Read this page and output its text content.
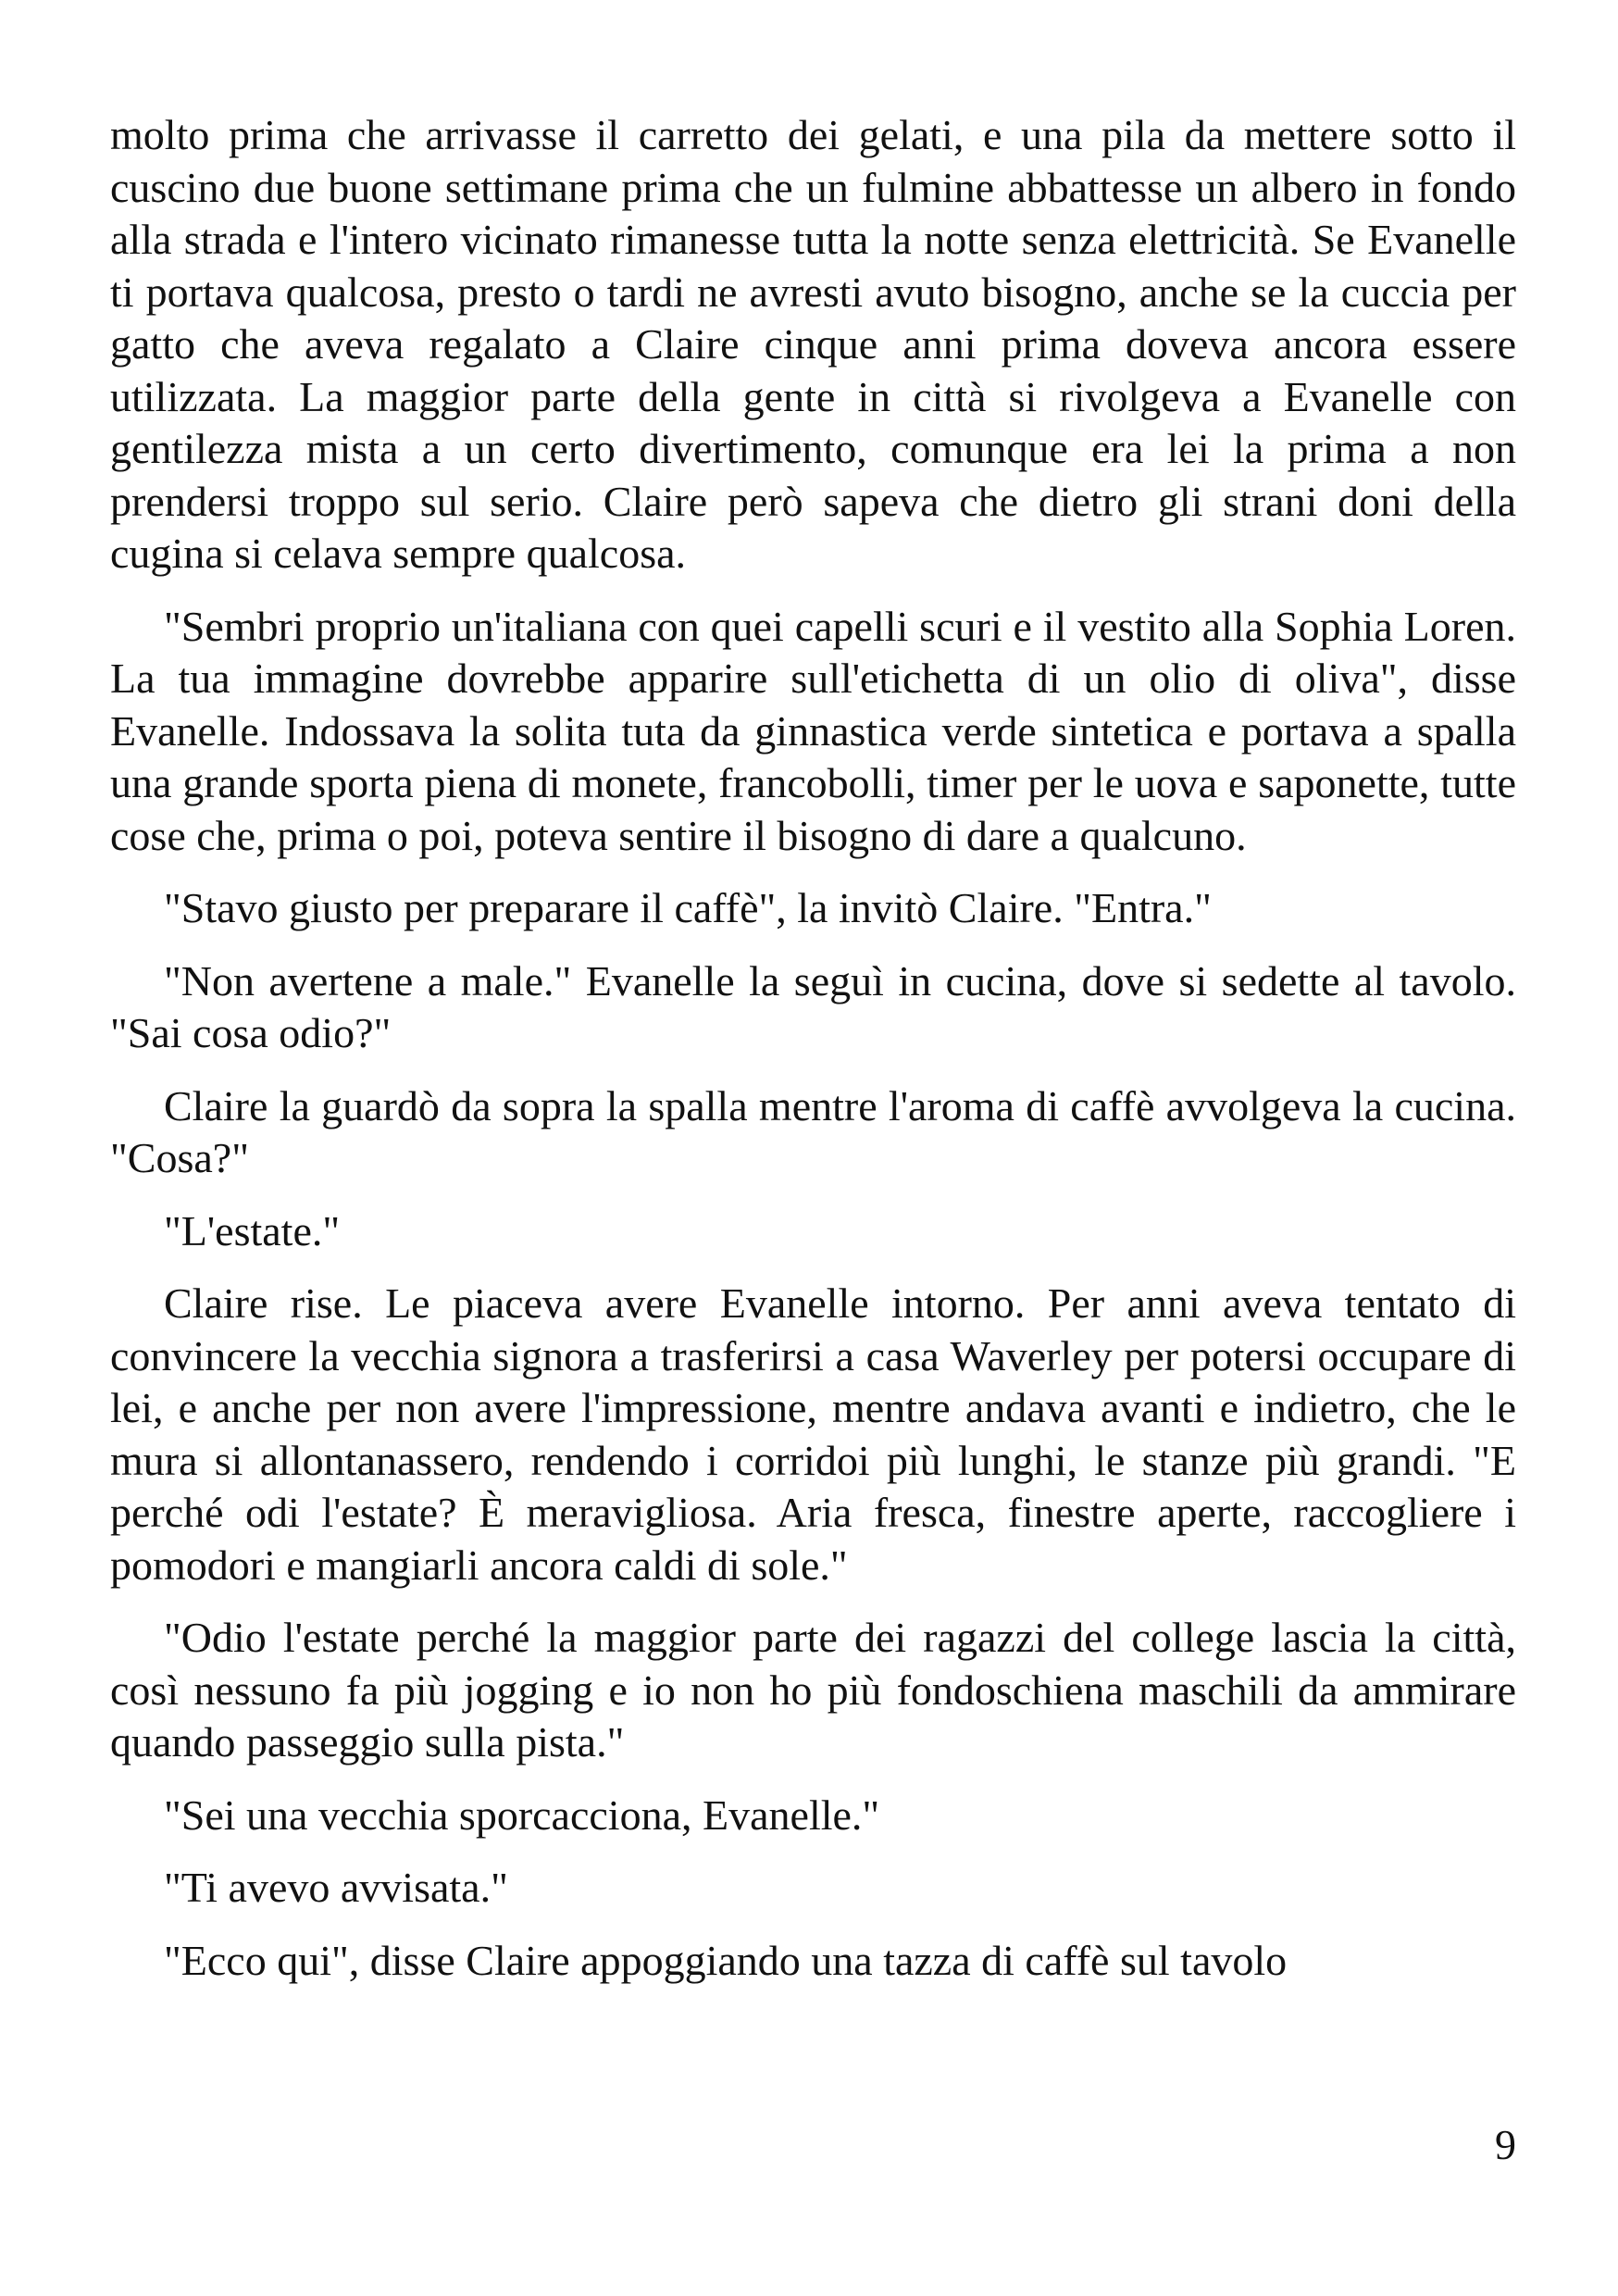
molto prima che arrivasse il carretto dei gelati, e una pila da mettere sotto il cuscino due buone settimane prima che un fulmine abbattesse un albero in fondo alla strada e l'intero vicinato rimanesse tutta la notte senza elettricità. Se Evanelle ti portava qualcosa, presto o tardi ne avresti avuto bisogno, anche se la cuccia per gatto che aveva regalato a Claire cinque anni prima doveva ancora essere utilizzata. La maggior parte della gente in città si rivolgeva a Evanelle con gentilezza mista a un certo divertimento, comunque era lei la prima a non prendersi troppo sul serio. Claire però sapeva che dietro gli strani doni della cugina si celava sempre qualcosa.

"Sembri proprio un'italiana con quei capelli scuri e il vestito alla Sophia Loren. La tua immagine dovrebbe apparire sull'etichetta di un olio di oliva", disse Evanelle. Indossava la solita tuta da ginnastica verde sintetica e portava a spalla una grande sporta piena di monete, francobolli, timer per le uova e saponette, tutte cose che, prima o poi, poteva sentire il bisogno di dare a qualcuno.

"Stavo giusto per preparare il caffè", la invitò Claire. "Entra."

"Non avertene a male." Evanelle la seguì in cucina, dove si sedette al tavolo. "Sai cosa odio?"

Claire la guardò da sopra la spalla mentre l'aroma di caffè avvolgeva la cucina. "Cosa?"

"L'estate."

Claire rise. Le piaceva avere Evanelle intorno. Per anni aveva tentato di convincere la vecchia signora a trasferirsi a casa Waverley per potersi occupare di lei, e anche per non avere l'impressione, mentre andava avanti e indietro, che le mura si allontanassero, rendendo i corridoi più lunghi, le stanze più grandi. "E perché odi l'estate? È meravigliosa. Aria fresca, finestre aperte, raccogliere i pomodori e mangiarli ancora caldi di sole."

"Odio l'estate perché la maggior parte dei ragazzi del college lascia la città, così nessuno fa più jogging e io non ho più fondoschiena maschili da ammirare quando passeggio sulla pista."

"Sei una vecchia sporcacciona, Evanelle."

"Ti avevo avvisata."

"Ecco qui", disse Claire appoggiando una tazza di caffè sul tavolo

9
